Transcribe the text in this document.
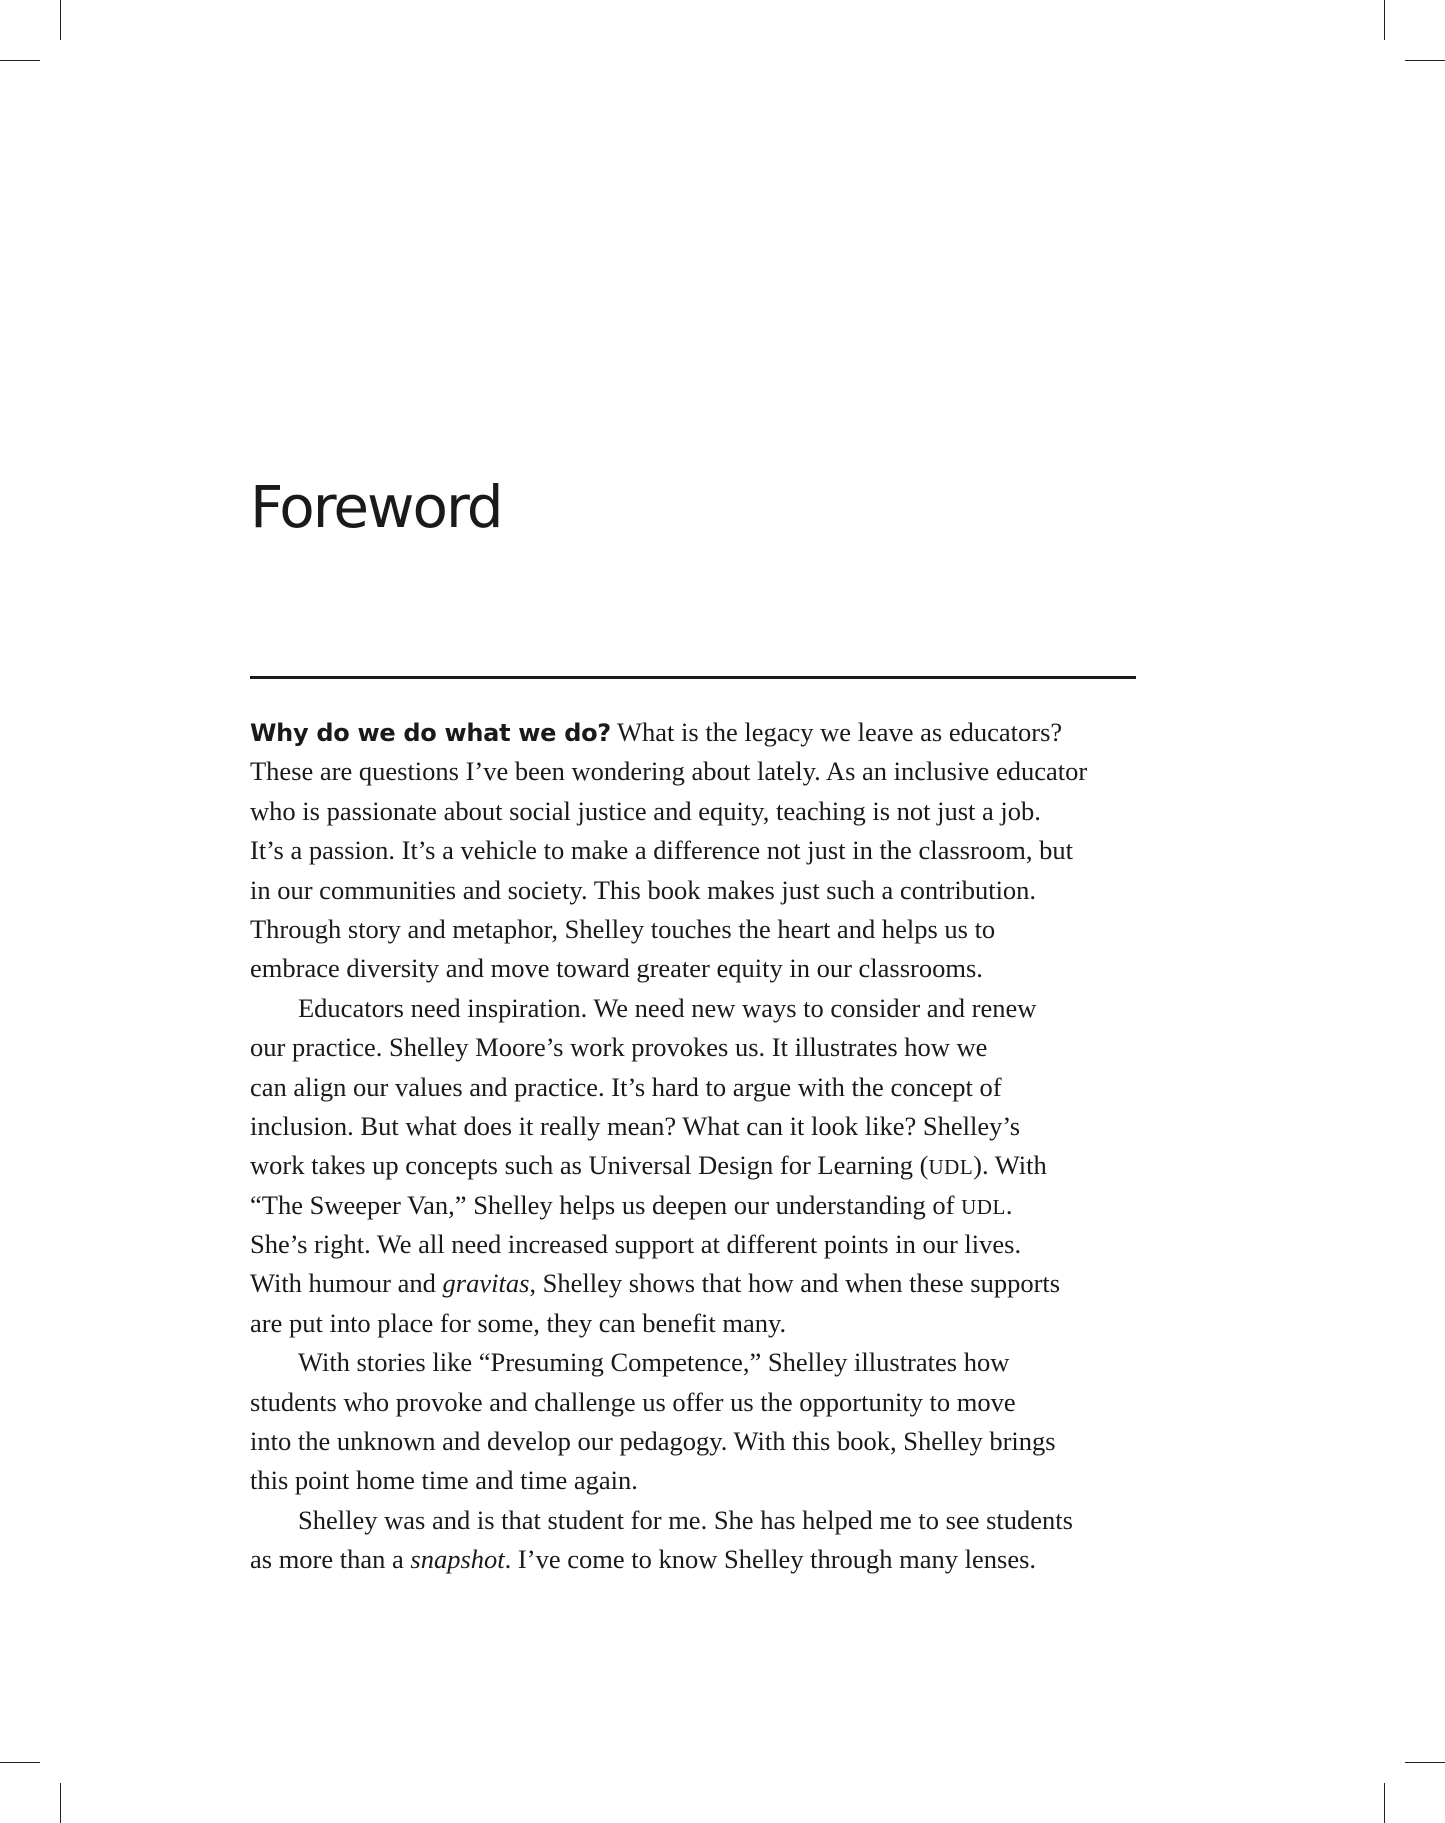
Foreword
Why do we do what we do? What is the legacy we leave as educators?
These are questions I’ve been wondering about lately. As an inclusive educator
who is passionate about social justice and equity, teaching is not just a job.
It’s a passion. It’s a vehicle to make a difference not just in the classroom, but
in our communities and society. This book makes just such a contribution.
Through story and metaphor, Shelley touches the heart and helps us to
embrace diversity and move toward greater equity in our classrooms.
Educators need inspiration. We need new ways to consider and renew
our practice. Shelley Moore’s work provokes us. It illustrates how we
can align our values and practice. It’s hard to argue with the concept of
inclusion. But what does it really mean? What can it look like? Shelley’s
work takes up concepts such as Universal Design for Learning (UDL). With
“The Sweeper Van,” Shelley helps us deepen our understanding of UDL.
She’s right. We all need increased support at different points in our lives.
With humour and gravitas, Shelley shows that how and when these supports
are put into place for some, they can benefit many.
With stories like “Presuming Competence,” Shelley illustrates how
students who provoke and challenge us offer us the opportunity to move
into the unknown and develop our pedagogy. With this book, Shelley brings
this point home time and time again.
Shelley was and is that student for me. She has helped me to see students
as more than a snapshot. I’ve come to know Shelley through many lenses.
